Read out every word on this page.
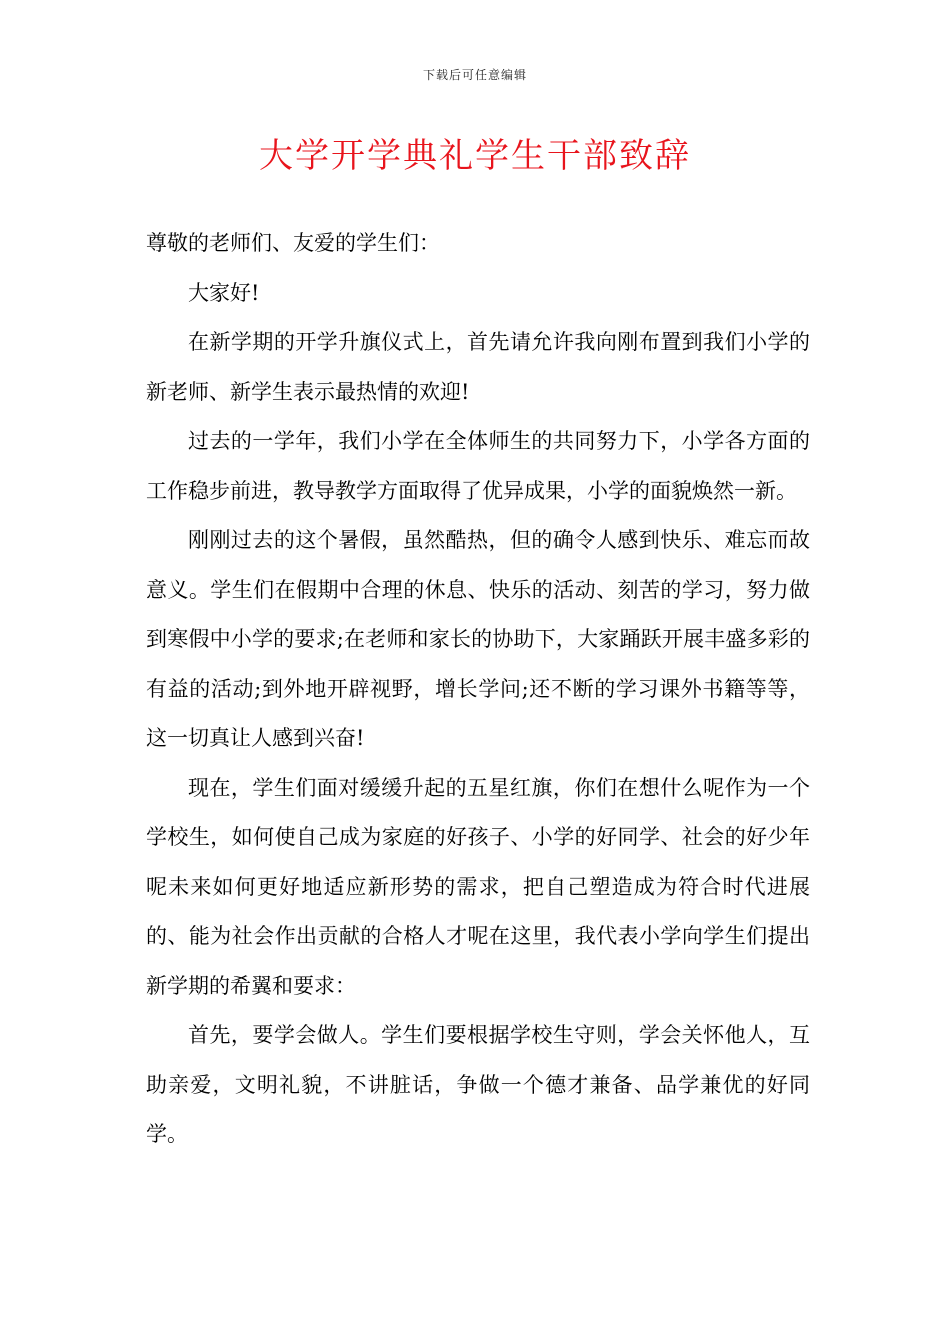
下载后可任意编辑
大学开学典礼学生干部致辞

尊敬的老师们、友爱的学生们：

大家好!

在新学期的开学升旗仪式上，首先请允许我向刚布置到我们小学的新老师、新学生表示最热情的欢迎!

过去的一学年，我们小学在全体师生的共同努力下，小学各方面的工作稳步前进，教导教学方面取得了优异成果，小学的面貌焕然一新。

刚刚过去的这个暑假，虽然酷热，但的确令人感到快乐、难忘而故意义。学生们在假期中合理的休息、快乐的活动、刻苦的学习，努力做到寒假中小学的要求;在老师和家长的协助下，大家踊跃开展丰盛多彩的有益的活动;到外地开辟视野，增长学问;还不断的学习课外书籍等等，这一切真让人感到兴奋!

现在，学生们面对缓缓升起的五星红旗，你们在想什么呢作为一个学校生，如何使自己成为家庭的好孩子、小学的好同学、社会的好少年呢未来如何更好地适应新形势的需求，把自己塑造成为符合时代进展的、能为社会作出贡献的合格人才呢在这里，我代表小学向学生们提出新学期的希翼和要求：

首先，要学会做人。学生们要根据学校生守则，学会关怀他人，互助亲爱，文明礼貌，不讲脏话，争做一个德才兼备、品学兼优的好同学。
